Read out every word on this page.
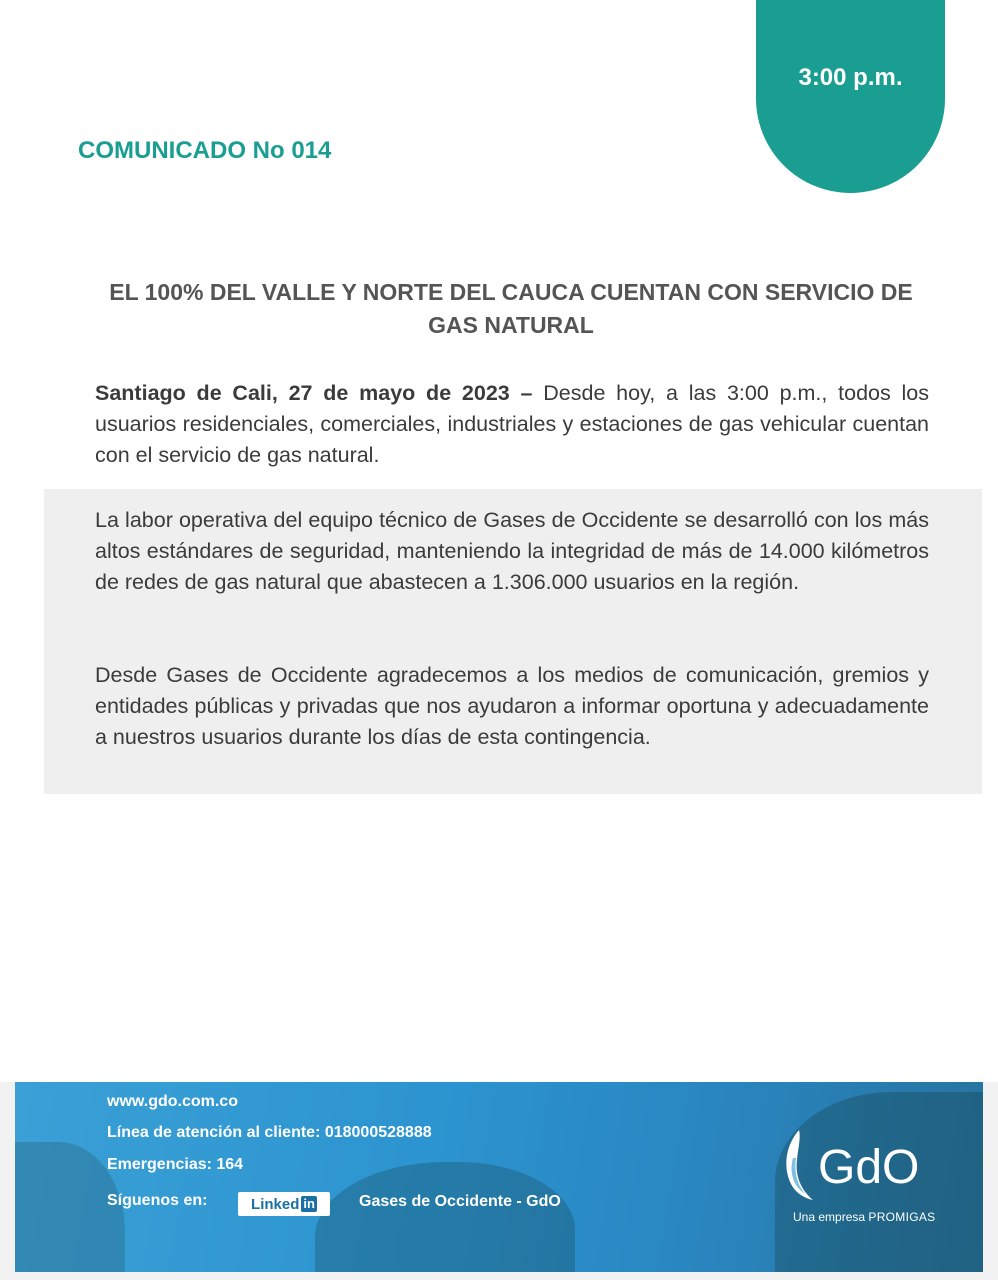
3:00 p.m.
COMUNICADO No 014
EL 100% DEL VALLE Y NORTE DEL CAUCA CUENTAN CON SERVICIO DE GAS NATURAL
Santiago de Cali, 27 de mayo de 2023 – Desde hoy, a las 3:00 p.m., todos los usuarios residenciales, comerciales, industriales y estaciones de gas vehicular cuentan con el servicio de gas natural.
La labor operativa del equipo técnico de Gases de Occidente se desarrolló con los más altos estándares de seguridad, manteniendo la integridad de más de 14.000 kilómetros de redes de gas natural que abastecen a 1.306.000 usuarios en la región.
Desde Gases de Occidente agradecemos a los medios de comunicación, gremios y entidades públicas y privadas que nos ayudaron a informar oportuna y adecuadamente a nuestros usuarios durante los días de esta contingencia.
www.gdo.com.co
Línea de atención al cliente: 018000528888
Emergencias: 164
Síguenos en:	Linked in	Gases de Occidente - GdO
GdO
Una empresa PROMIGAS
